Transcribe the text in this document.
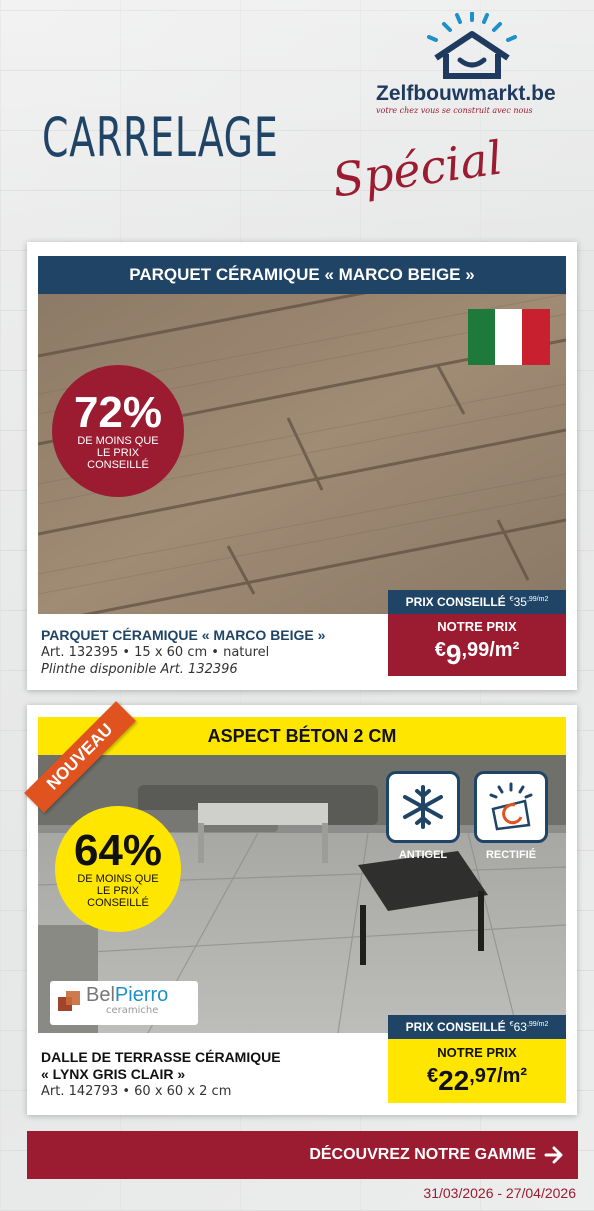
Zelfbouwmarkt.be
votre chez vous se construit avec nous
CARRELAGE Spécial
PARQUET CÉRAMIQUE « MARCO BEIGE »
72%
DE MOINS QUE LE PRIX CONSEILLÉ
PRIX CONSEILLÉ $^€35^{,99/m2}$
NOTRE PRIX
$^€9^{,99/m^2}$
PARQUET CÉRAMIQUE « MARCO BEIGE »
Art. 132395 • 15 x 60 cm • naturel
Plinthe disponible Art. 132396
ASPECT BÉTON 2 CM
64%
DE MOINS QUE LE PRIX CONSEILLÉ
ANTIGEL	RECTIFIÉ
BelPierro
ceramiche
NOUVEAU
PRIX CONSEILLÉ $^€63^{,99/m2}$
NOTRE PRIX
$^€22^{,97/m^2}$
DALLE DE TERRASSE CÉRAMIQUE
« LYNX GRIS CLAIR »
Art. 142793 • 60 x 60 x 2 cm
DÉCOUVREZ NOTRE GAMME
31/03/2026 - 27/04/2026
